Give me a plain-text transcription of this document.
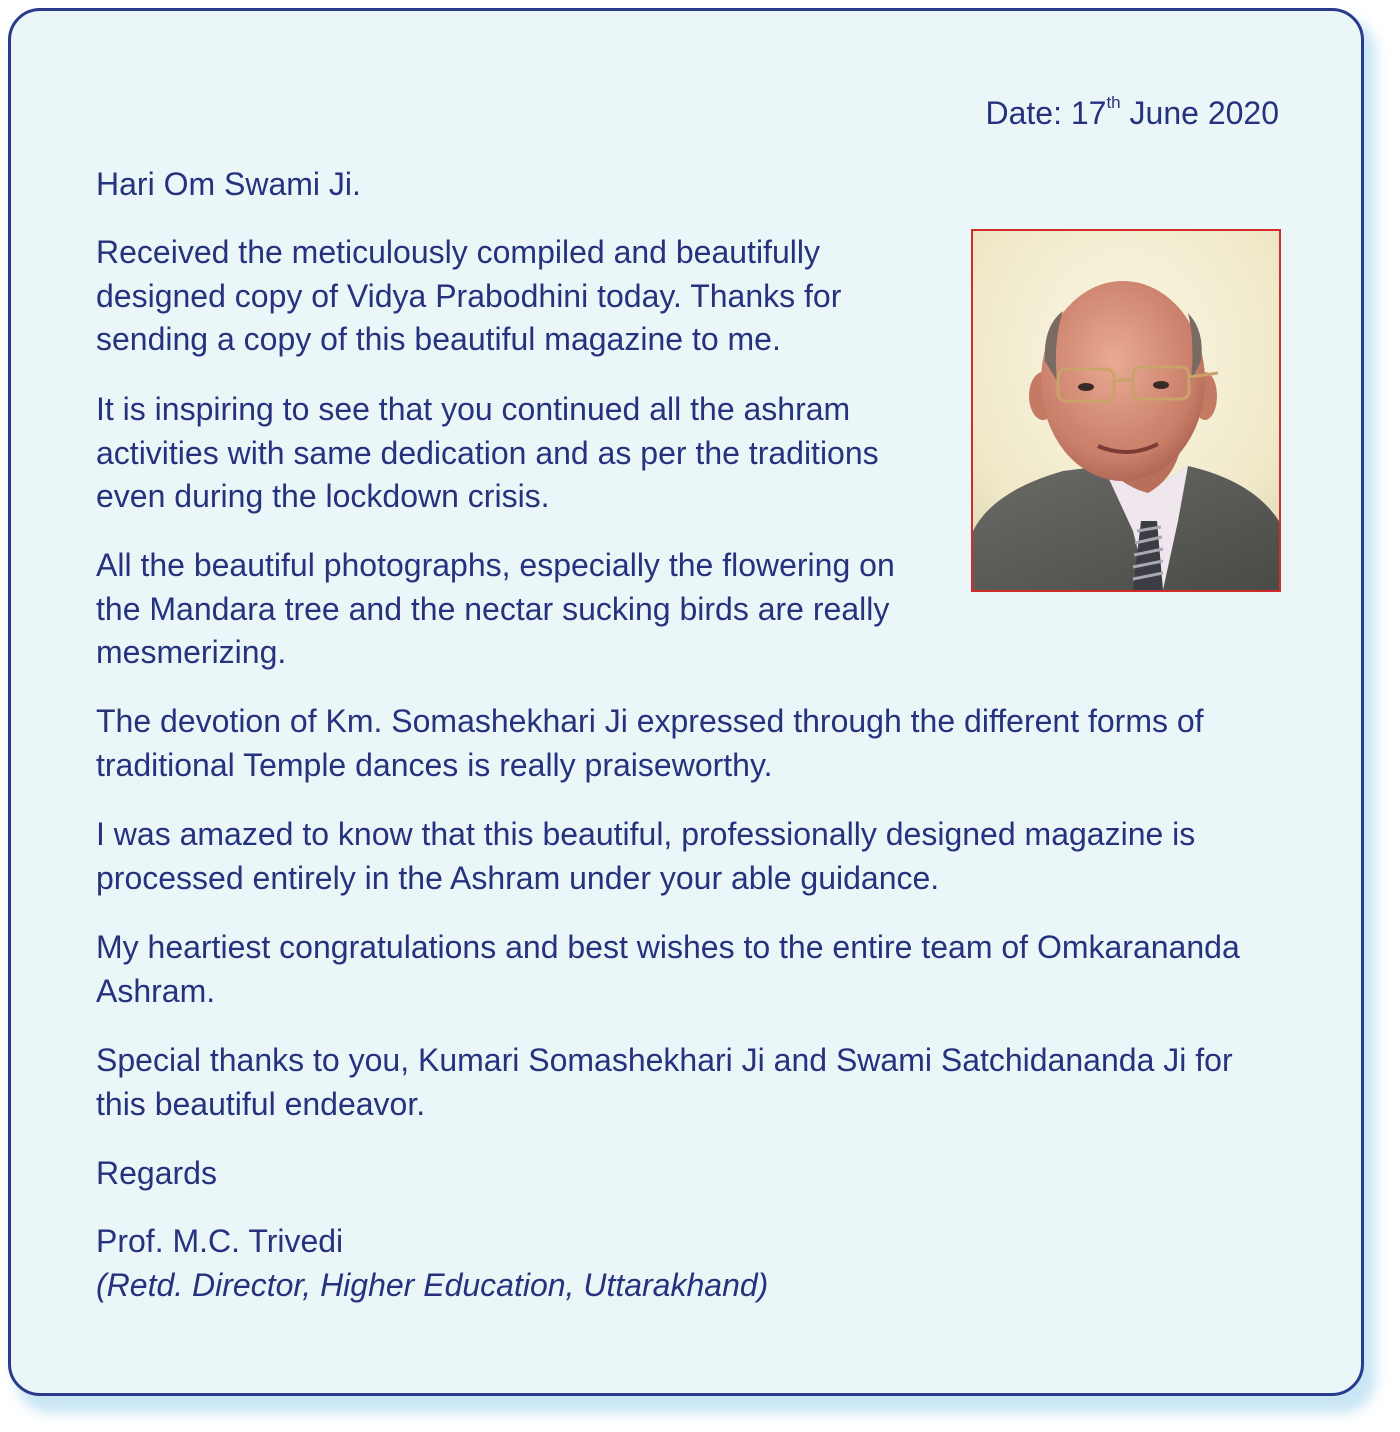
Date: 17th June 2020

Hari Om Swami Ji.

Received the meticulously compiled and beautifully designed copy of Vidya Prabodhini today. Thanks for sending a copy of this beautiful magazine to me.

It is inspiring to see that you continued all the ashram activities with same dedication and as per the traditions even during the lockdown crisis.

All the beautiful photographs, especially the flowering on the Mandara tree and the nectar sucking birds are really mesmerizing.

The devotion of Km. Somashekhari Ji expressed through the different forms of traditional Temple dances is really praiseworthy.

I was amazed to know that this beautiful, professionally designed magazine is processed entirely in the Ashram under your able guidance.

My heartiest congratulations and best wishes to the entire team of Omkarananda Ashram.

Special thanks to you, Kumari Somashekhari Ji and Swami Satchidananda Ji for this beautiful endeavor.

Regards

Prof. M.C. Trivedi

(Retd. Director, Higher Education, Uttarakhand)
